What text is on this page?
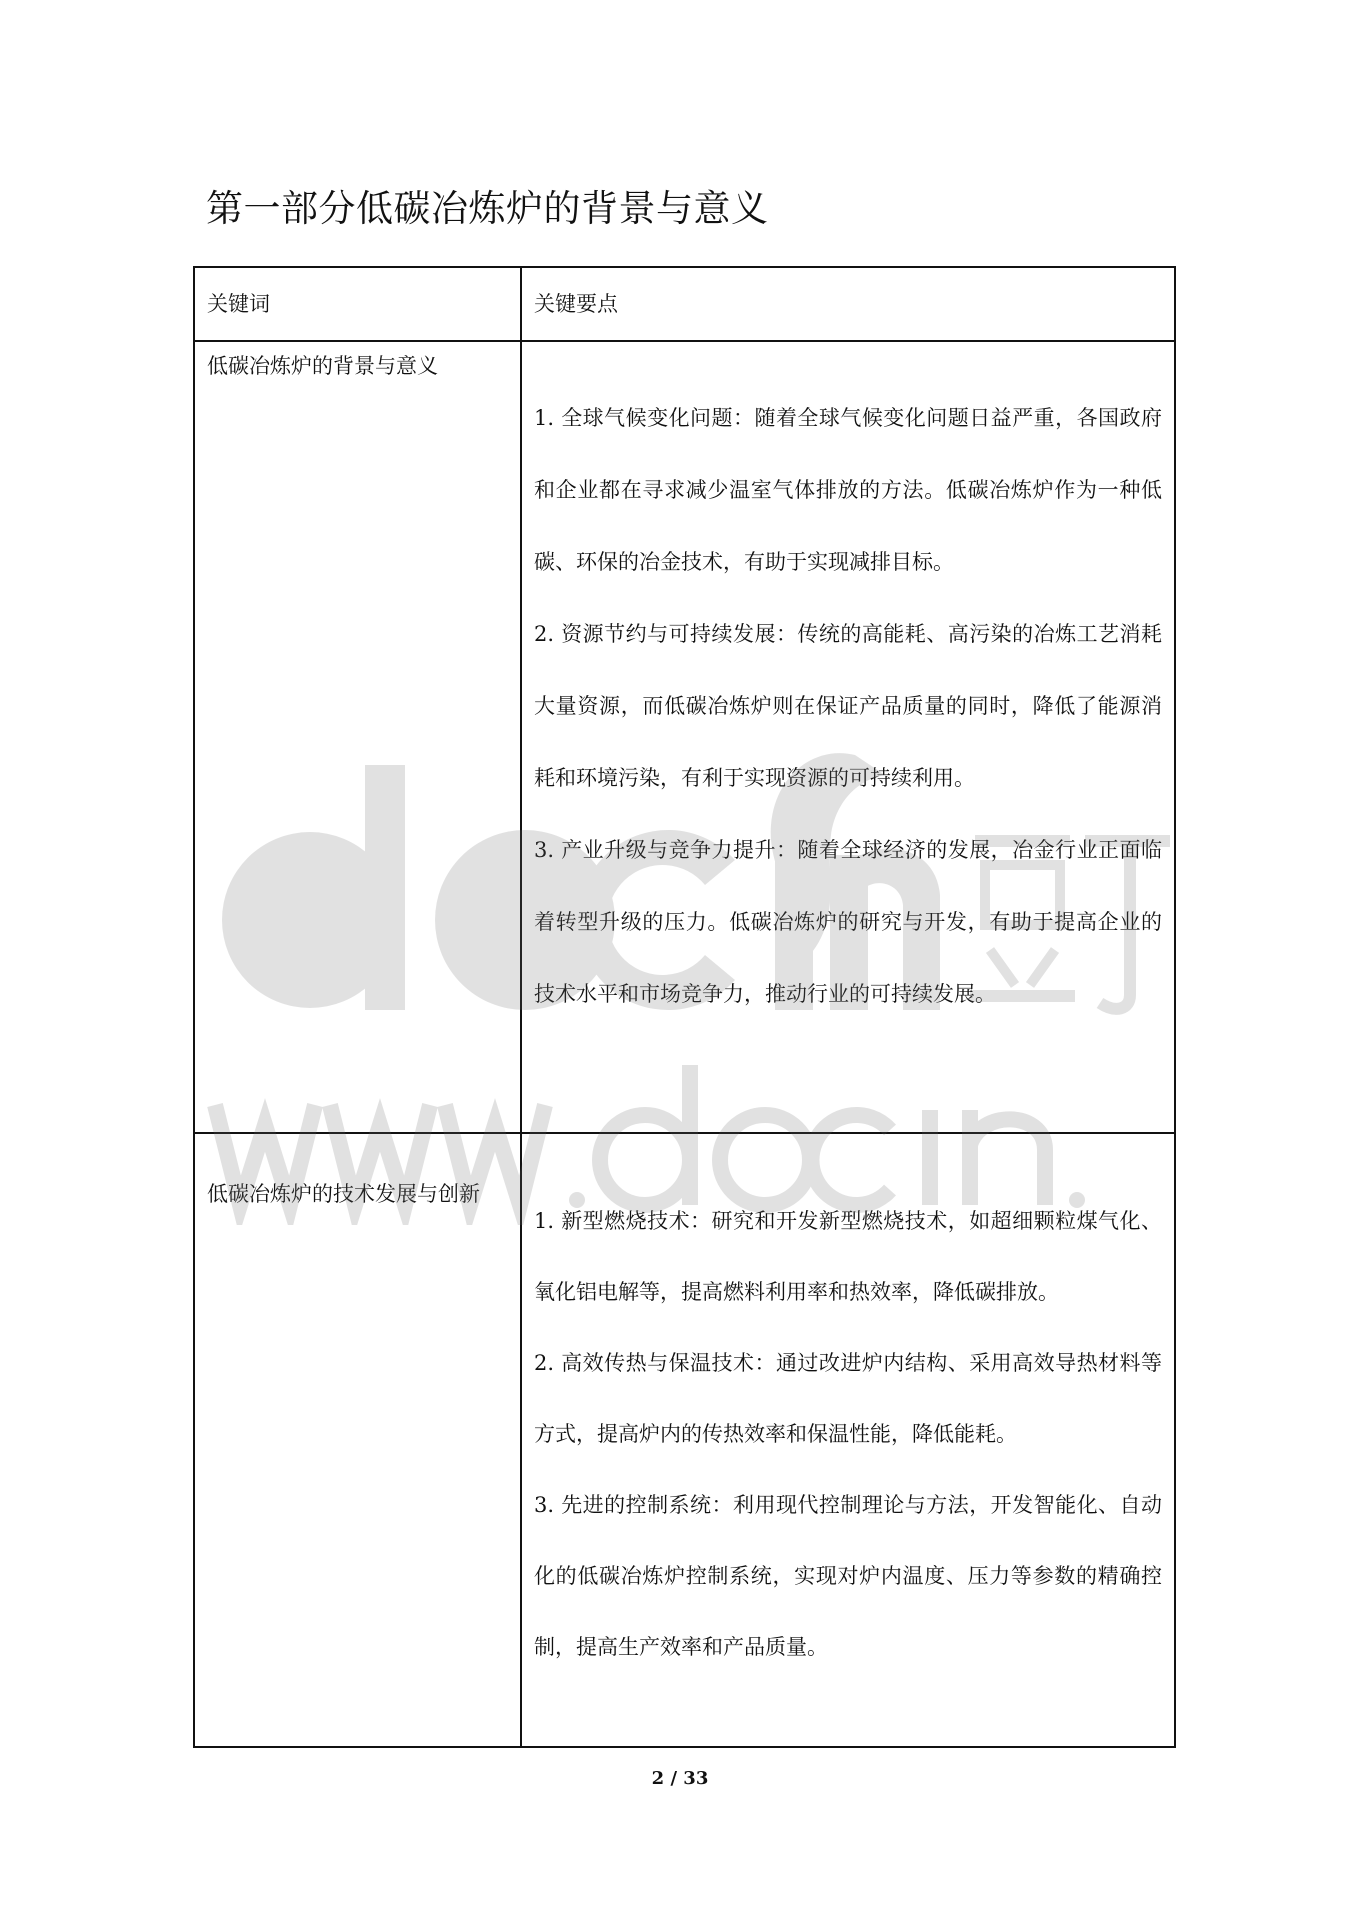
第一部分低碳冶炼炉的背景与意义
关键词	关键要点

低碳冶炼炉的背景与意义	1. 全球气候变化问题：随着全球气候变化问题日益严重，各国政府和企业都在寻求减少温室气体排放的方法。低碳冶炼炉作为一种低碳、环保的冶金技术，有助于实现减排目标。
2. 资源节约与可持续发展：传统的高能耗、高污染的冶炼工艺消耗大量资源，而低碳冶炼炉则在保证产品质量的同时，降低了能源消耗和环境污染，有利于实现资源的可持续利用。
3. 产业升级与竞争力提升：随着全球经济的发展，冶金行业正面临着转型升级的压力。低碳冶炼炉的研究与开发，有助于提高企业的技术水平和市场竞争力，推动行业的可持续发展。

低碳冶炼炉的技术发展与创新	1. 新型燃烧技术：研究和开发新型燃烧技术，如超细颗粒煤气化、氧化铝电解等，提高燃料利用率和热效率，降低碳排放。
2. 高效传热与保温技术：通过改进炉内结构、采用高效导热材料等方式，提高炉内的传热效率和保温性能，降低能耗。
3. 先进的控制系统：利用现代控制理论与方法，开发智能化、自动化的低碳冶炼炉控制系统，实现对炉内温度、压力等参数的精确控制，提高生产效率和产品质量。
2 / 33
